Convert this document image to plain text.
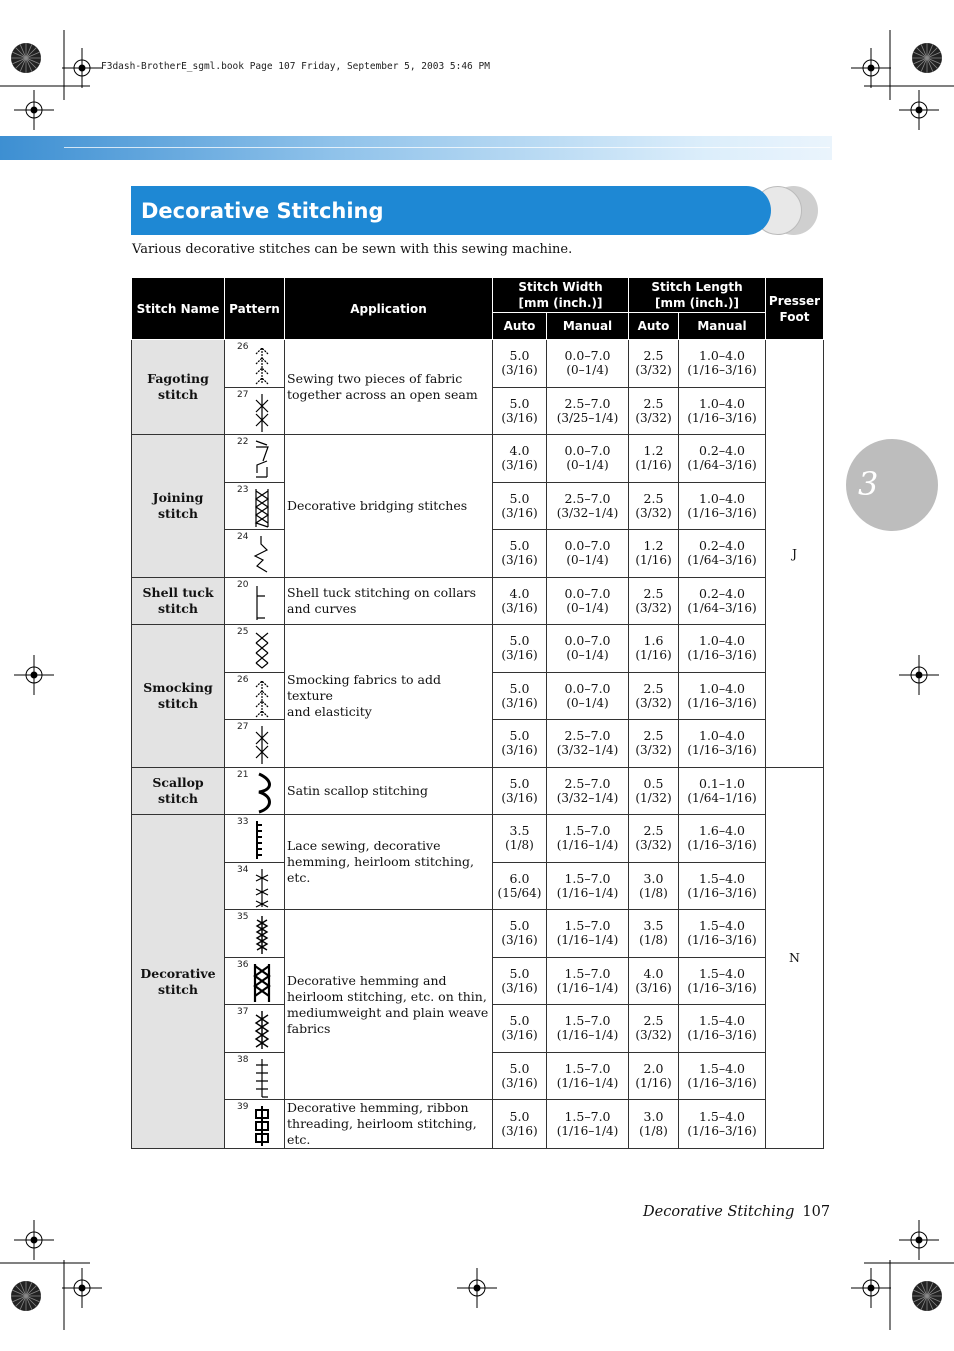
F3dash-BrotherE_sgml.book Page 107 Friday, September 5, 2003 5:46 PM
Decorative Stitching
Various decorative stitches can be sewn with this sewing machine.
3
Stitch Name	Pattern	Application	Stitch Width
[mm (inch.)]		Stitch Length
[mm (inch.)]		Presser
Foot
			Auto	Manual	Auto	Manual	
Fagoting
stitch	26	Sewing two pieces of fabric
together across an open seam	5.0
(3/16)	0.0–7.0
(0–1/4)	2.5
(3/32)	1.0–4.0
(1/16–3/16)	J

	27		5.0
(3/16)	2.5–7.0
(3/25–1/4)	2.5
(3/32)	1.0–4.0
(1/16–3/16)	

Joining stitch	22	Decorative bridging stitches	4.0
(3/16)	0.0–7.0
(0–1/4)	1.2
(1/16)	0.2–4.0
(1/64–3/16)	

	23		5.0
(3/16)	2.5–7.0
(3/32–1/4)	2.5
(3/32)	1.0–4.0
(1/16–3/16)	

	24		5.0
(3/16)	0.0–7.0
(0–1/4)	1.2
(1/16)	0.2–4.0
(1/64–3/16)	

Shell tuck
stitch	20	Shell tuck stitching on collars
and curves	4.0
(3/16)	0.0–7.0
(0–1/4)	2.5
(3/32)	0.2–4.0
(1/64–3/16)	

Smocking
stitch	25	Smocking fabrics to add texture
and elasticity	5.0
(3/16)	0.0–7.0
(0–1/4)	1.6
(1/16)	1.0–4.0
(1/16–3/16)	

	26		5.0
(3/16)	0.0–7.0
(0–1/4)	2.5
(3/32)	1.0–4.0
(1/16–3/16)	

	27		5.0
(3/16)	2.5–7.0
(3/32–1/4)	2.5
(3/32)	1.0–4.0
(1/16–3/16)	

Scallop stitch	21	Satin scallop stitching	5.0
(3/16)	2.5–7.0
(3/32–1/4)	0.5
(1/32)	0.1–1.0
(1/64–1/16)	N
Decorative
stitch	33	Lace sewing, decorative
hemming, heirloom stitching,
etc.	3.5
(1/8)	1.5–7.0
(1/16–1/4)	2.5
(3/32)	1.6–4.0
(1/16–3/16)	

	34		6.0
(15/64)	1.5–7.0
(1/16–1/4)	3.0
(1/8)	1.5–4.0
(1/16–3/16)	

	35	Decorative hemming and
heirloom stitching, etc. on thin,
mediumweight and plain weave
fabrics	5.0
(3/16)	1.5–7.0
(1/16–1/4)	3.5
(1/8)	1.5–4.0
(1/16–3/16)	

	36		5.0
(3/16)	1.5–7.0
(1/16–1/4)	4.0
(3/16)	1.5–4.0
(1/16–3/16)	

	37		5.0
(3/16)	1.5–7.0
(1/16–1/4)	2.5
(3/32)	1.5–4.0
(1/16–3/16)	

	38		5.0
(3/16)	1.5–7.0
(1/16–1/4)	2.0
(1/16)	1.5–4.0
(1/16–3/16)	

	39	Decorative hemming, ribbon
threading, heirloom stitching,
etc.	5.0
(3/16)	1.5–7.0
(1/16–1/4)	3.0
(1/8)	1.5–4.0
(1/16–3/16)	
Decorative Stitching 107
